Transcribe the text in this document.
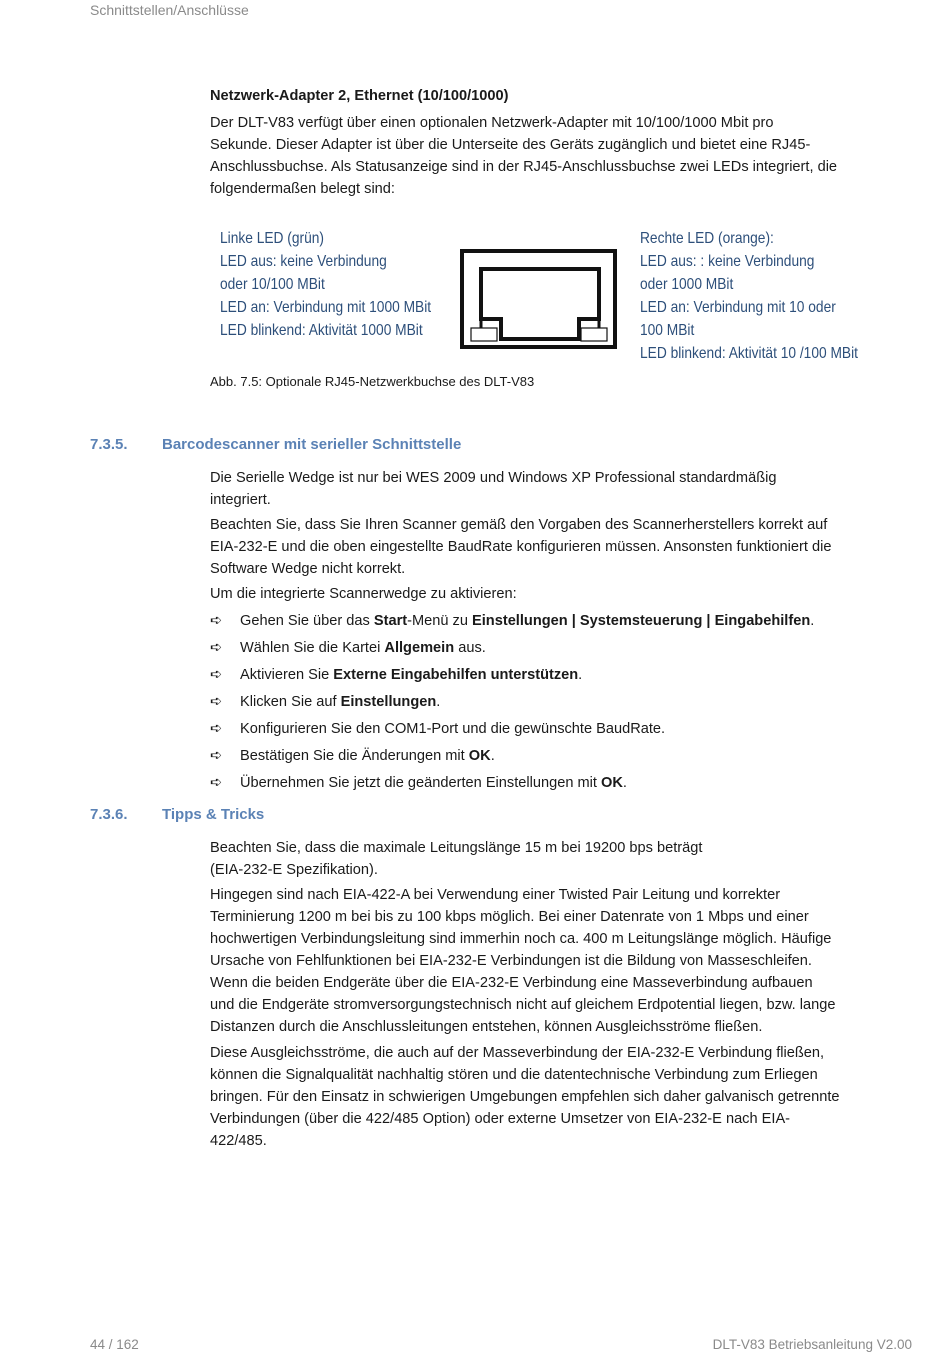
Schnittstellen/Anschlüsse
44 / 162	DLT-V83 Betriebsanleitung V2.00
Netzwerk-Adapter 2, Ethernet (10/100/1000)
Der DLT-V83 verfügt über einen optionalen Netzwerk-Adapter mit 10/100/1000 Mbit pro
Sekunde. Dieser Adapter ist über die Unterseite des Geräts zugänglich und bietet eine RJ45-
Anschlussbuchse. Als Statusanzeige sind in der RJ45-Anschlussbuchse zwei LEDs integriert, die
folgendermaßen belegt sind:
Linke LED (grün)
LED aus: keine Verbindung
oder 10/100 MBit
LED an: Verbindung mit 1000 MBit
LED blinkend: Aktivität 1000 MBit
Rechte LED (orange):
LED aus: : keine Verbindung
oder 1000 MBit
LED an: Verbindung mit 10 oder
100 MBit
LED blinkend: Aktivität 10 /100 MBit
Abb. 7.5: Optionale RJ45-Netzwerkbuchse des DLT-V83
7.3.5. Barcodescanner mit serieller Schnittstelle
Die Serielle Wedge ist nur bei WES 2009 und Windows XP Professional standardmäßig
integriert.
Beachten Sie, dass Sie Ihren Scanner gemäß den Vorgaben des Scannerherstellers korrekt auf
EIA-232-E und die oben eingestellte BaudRate konfigurieren müssen. Ansonsten funktioniert die
Software Wedge nicht korrekt.
Um die integrierte Scannerwedge zu aktivieren:
➪	Gehen Sie über das Start-Menü zu Einstellungen | Systemsteuerung | Eingabehilfen.
➪	Wählen Sie die Kartei Allgemein aus.
➪	Aktivieren Sie Externe Eingabehilfen unterstützen.
➪	Klicken Sie auf Einstellungen.
➪	Konfigurieren Sie den COM1-Port und die gewünschte BaudRate.
➪	Bestätigen Sie die Änderungen mit OK.
➪	Übernehmen Sie jetzt die geänderten Einstellungen mit OK.
7.3.6. Tipps & Tricks
Beachten Sie, dass die maximale Leitungslänge 15 m bei 19200 bps beträgt
(EIA-232-E Spezifikation).
Hingegen sind nach EIA-422-A bei Verwendung einer Twisted Pair Leitung und korrekter
Terminierung 1200 m bei bis zu 100 kbps möglich. Bei einer Datenrate von 1 Mbps und einer
hochwertigen Verbindungsleitung sind immerhin noch ca. 400 m Leitungslänge möglich. Häufige
Ursache von Fehlfunktionen bei EIA-232-E Verbindungen ist die Bildung von Masseschleifen.
Wenn die beiden Endgeräte über die EIA-232-E Verbindung eine Masseverbindung aufbauen
und die Endgeräte stromversorgungstechnisch nicht auf gleichem Erdpotential liegen, bzw. lange
Distanzen durch die Anschlussleitungen entstehen, können Ausgleichsströme fließen.
Diese Ausgleichsströme, die auch auf der Masseverbindung der EIA-232-E Verbindung fließen,
können die Signalqualität nachhaltig stören und die datentechnische Verbindung zum Erliegen
bringen. Für den Einsatz in schwierigen Umgebungen empfehlen sich daher galvanisch getrennte
Verbindungen (über die 422/485 Option) oder externe Umsetzer von EIA-232-E nach EIA-
422/485.
